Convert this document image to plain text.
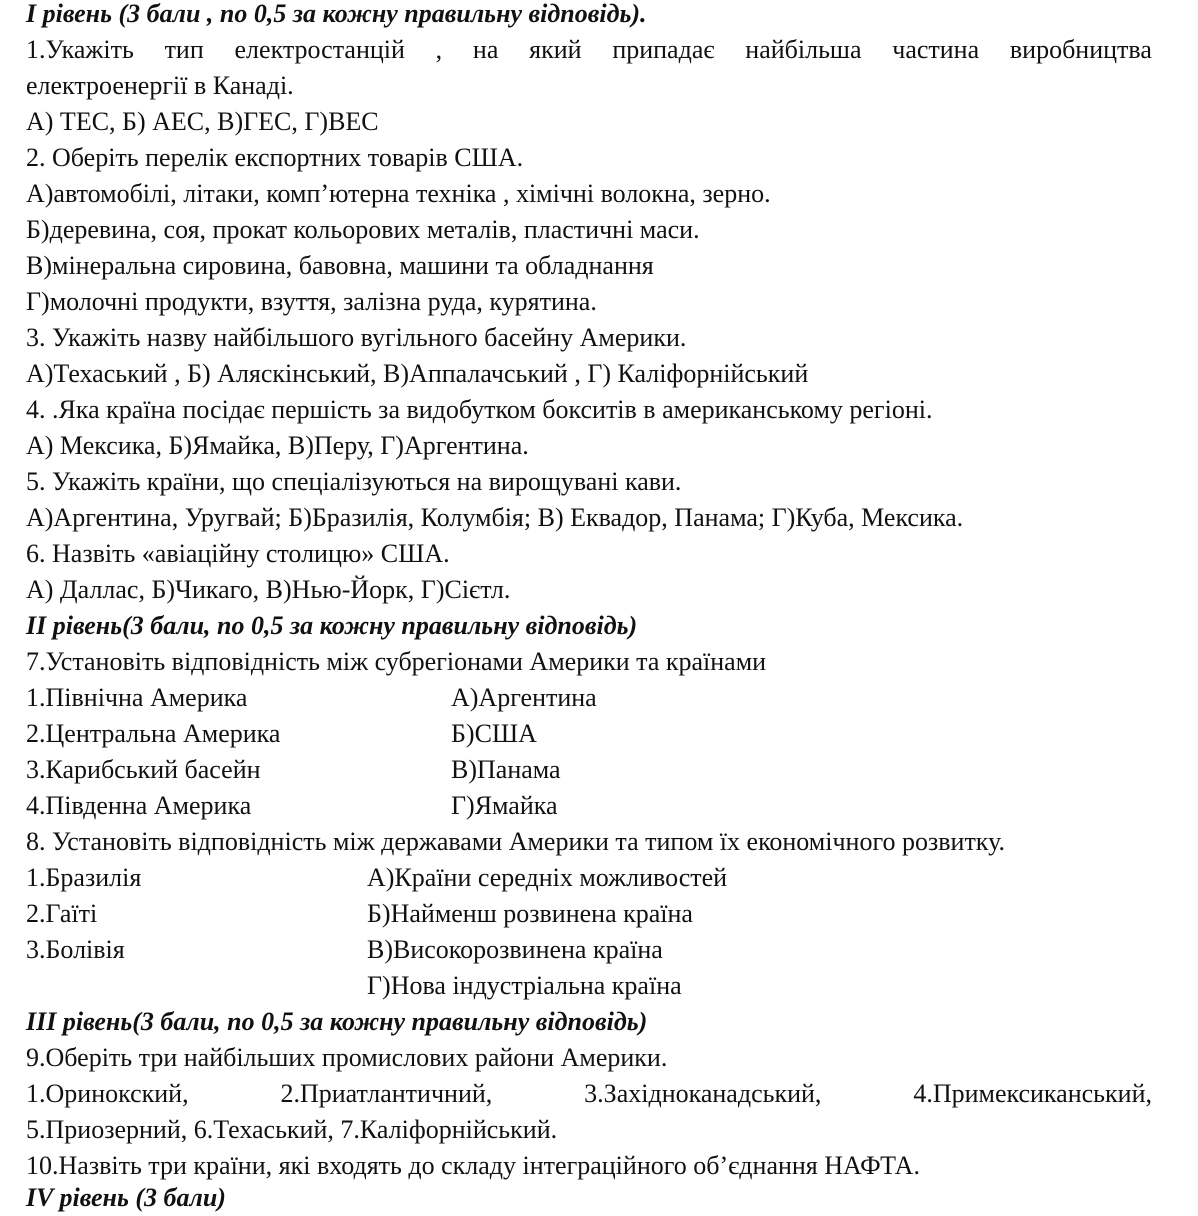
I рівень (3 бали , по 0,5 за кожну правильну відповідь).
1.Укажіть тип електростанцій , на який припадає найбільша частина виробництва
електроенергії в Канаді.
А) ТЕС, Б) АЕС, В)ГЕС, Г)ВЕС
2. Оберіть перелік експортних товарів США.
А)автомобілі, літаки, комп’ютерна техніка , хімічні волокна, зерно.
Б)деревина, соя, прокат кольорових металів, пластичні маси.
В)мінеральна сировина, бавовна, машини та обладнання
Г)молочні продукти, взуття, залізна руда, курятина.
3. Укажіть назву найбільшого вугільного басейну Америки.
А)Техаський , Б) Аляскінський, В)Аппалачський , Г) Каліфорнійський
4. .Яка країна посідає першість за видобутком бокситів в американському регіоні.
А) Мексика, Б)Ямайка, В)Перу, Г)Аргентина.
5. Укажіть країни, що спеціалізуються на вирощувані кави.
А)Аргентина, Уругвай; Б)Бразилія, Колумбія; В) Еквадор, Панама; Г)Куба, Мексика.
6. Назвіть «авіаційну столицю» США.
А) Даллас, Б)Чикаго, В)Нью-Йорк, Г)Сієтл.
II рівень(3 бали, по 0,5 за кожну правильну відповідь)
7.Установіть відповідність між субрегіонами Америки та країнами
1.Північна Америка	А)Аргентина
2.Центральна Америка	Б)США
3.Карибський басейн	В)Панама
4.Південна Америка	Г)Ямайка
8. Установіть відповідність між державами Америки та типом їх економічного розвитку.
1.Бразилія	А)Країни середніх можливостей
2.Гаїті	Б)Найменш розвинена країна
3.Болівія	В)Високорозвинена країна
Г)Нова індустріальна країна
III рівень(3 бали, по 0,5 за кожну правильну відповідь)
9.Оберіть три найбільших промислових райони Америки.
1.Оринокский,	2.Приатлантичний,	3.Західноканадський,	4.Примексиканський,
5.Приозерний, 6.Техаський, 7.Каліфорнійський.
10.Назвіть три країни, які входять до складу інтеграційного об’єднання НАФТА.
IV рівень (3 бали)
